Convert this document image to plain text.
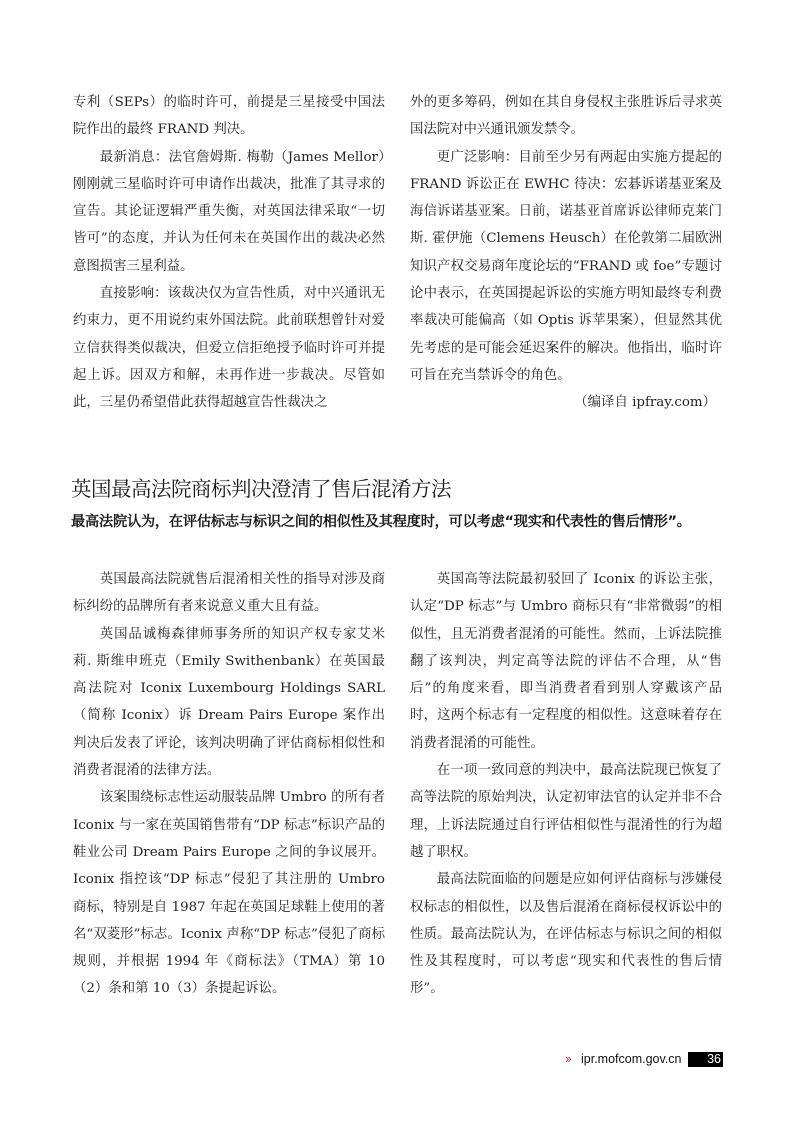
专利（SEPs）的临时许可，前提是三星接受中国法院作出的最终 FRAND 判决。

最新消息：法官詹姆斯. 梅勒（James Mellor）刚刚就三星临时许可申请作出裁决，批准了其寻求的宣告。其论证逻辑严重失衡，对英国法律采取“一切皆可”的态度，并认为任何未在英国作出的裁决必然意图损害三星利益。

直接影响：该裁决仅为宣告性质，对中兴通讯无约束力，更不用说约束外国法院。此前联想曾针对爱立信获得类似裁决，但爱立信拒绝授予临时许可并提起上诉。因双方和解，未再作进一步裁决。尽管如此，三星仍希望借此获得超越宣告性裁决之

外的更多筹码，例如在其自身侵权主张胜诉后寻求英国法院对中兴通讯颁发禁令。

更广泛影响：目前至少另有两起由实施方提起的 FRAND 诉讼正在 EWHC 待决：宏碁诉诺基亚案及海信诉诺基亚案。日前，诺基亚首席诉讼律师克莱门斯. 霍伊施（Clemens Heusch）在伦敦第二届欧洲知识产权交易商年度论坛的“FRAND 或 foe”专题讨论中表示，在英国提起诉讼的实施方明知最终专利费率裁决可能偏高（如 Optis 诉苹果案），但显然其优先考虑的是可能会延迟案件的解决。他指出，临时许可旨在充当禁诉令的角色。

（编译自 ipfray.com）

英国最高法院商标判决澄清了售后混淆方法
最高法院认为，在评估标志与标识之间的相似性及其程度时，可以考虑“现实和代表性的售后情形”。

英国最高法院就售后混淆相关性的指导对涉及商标纠纷的品牌所有者来说意义重大且有益。

英国品诚梅森律师事务所的知识产权专家艾米莉. 斯维申班克（Emily Swithenbank）在英国最高法院对 Iconix Luxembourg Holdings SARL（简称 Iconix）诉 Dream Pairs Europe 案作出判决后发表了评论，该判决明确了评估商标相似性和消费者混淆的法律方法。

该案围绕标志性运动服装品牌 Umbro 的所有者 Iconix 与一家在英国销售带有“DP 标志”标识产品的鞋业公司 Dream Pairs Europe 之间的争议展开。Iconix 指控该“DP 标志”侵犯了其注册的 Umbro 商标，特别是自 1987 年起在英国足球鞋上使用的著名“双菱形”标志。Iconix 声称“DP 标志”侵犯了商标规则，并根据 1994 年《商标法》（TMA）第 10（2）条和第 10（3）条提起诉讼。

英国高等法院最初驳回了 Iconix 的诉讼主张，认定“DP 标志”与 Umbro 商标只有“非常微弱”的相似性，且无消费者混淆的可能性。然而，上诉法院推翻了该判决，判定高等法院的评估不合理，从“售后”的角度来看，即当消费者看到别人穿戴该产品时，这两个标志有一定程度的相似性。这意味着存在消费者混淆的可能性。

在一项一致同意的判决中，最高法院现已恢复了高等法院的原始判决，认定初审法官的认定并非不合理，上诉法院通过自行评估相似性与混淆性的行为超越了职权。

最高法院面临的问题是应如何评估商标与涉嫌侵权标志的相似性，以及售后混淆在商标侵权诉讼中的性质。最高法院认为，在评估标志与标识之间的相似性及其程度时，可以考虑“现实和代表性的售后情形”。

›› ipr.mofcom.gov.cn	36
